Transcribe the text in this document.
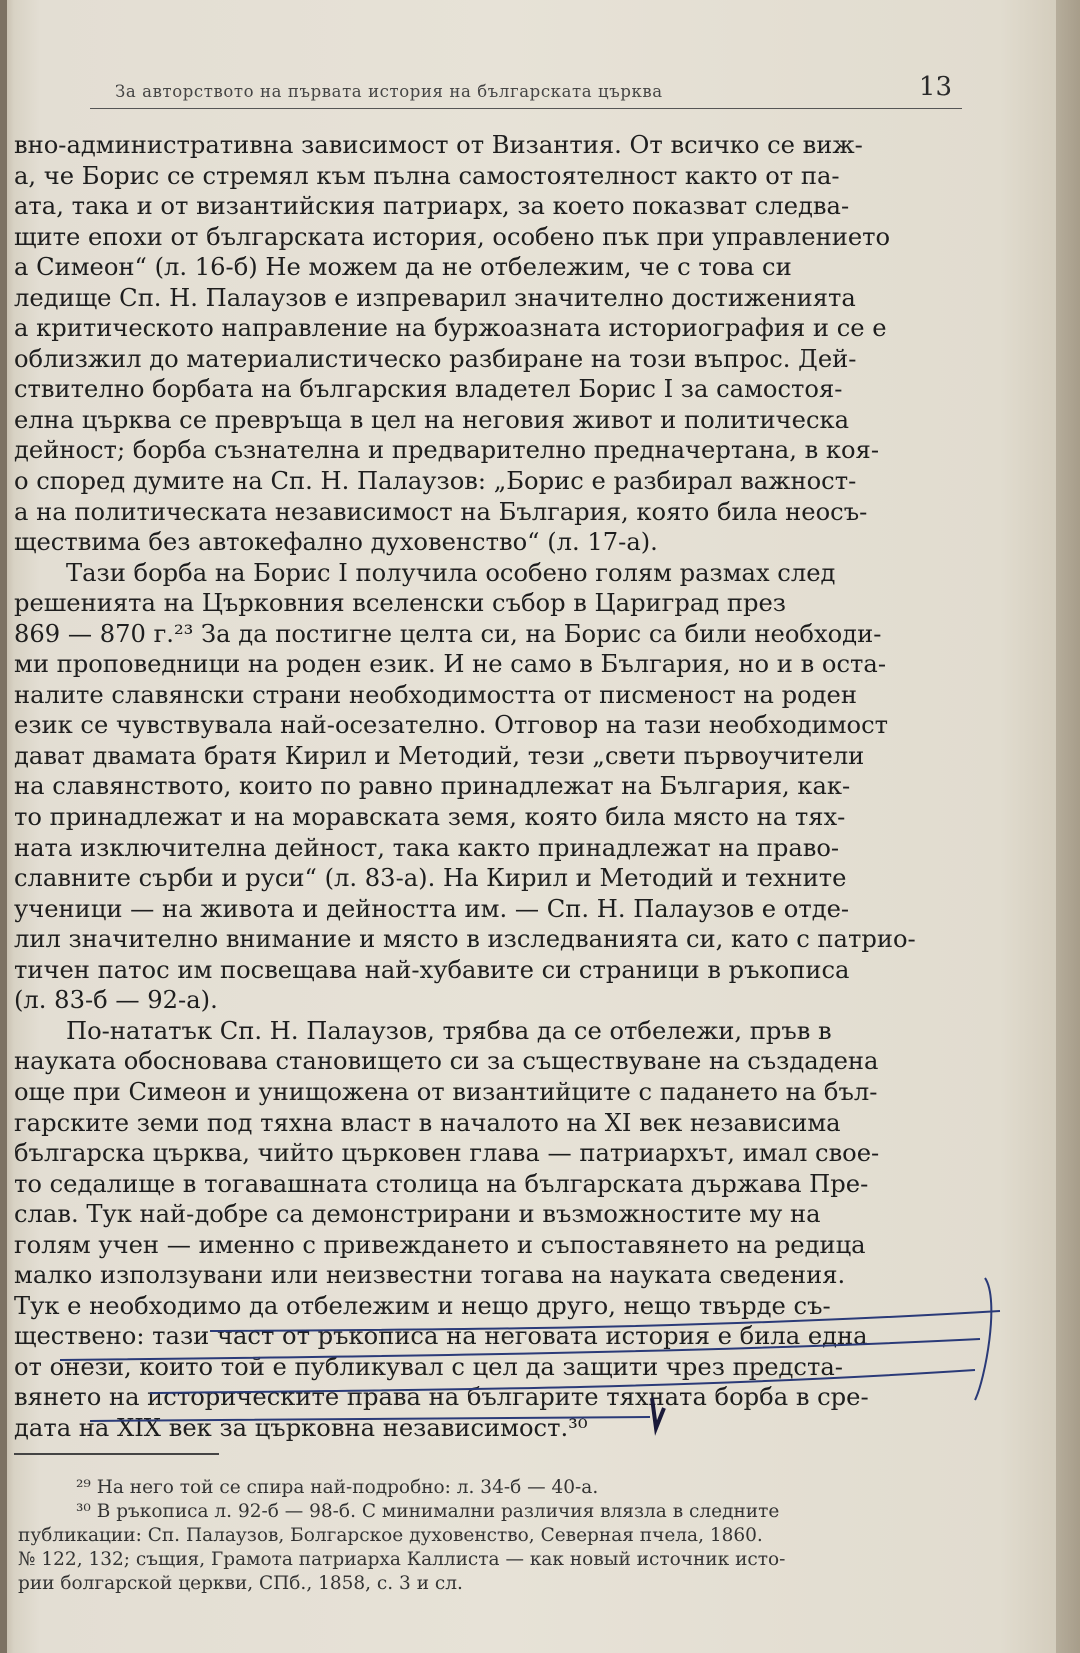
За авторството на първата история на българската църква	13

вно-административна зависимост от Византия. От всичко се виж-
а, че Борис се стремял към пълна самостоятелност както от па-
ата, така и от византийския патриарх, за което показват следва-
щите епохи от българската история, особено пък при управлението
а Симеон“ (л. 16-б) Не можем да не отбележим, че с това си
ледище Сп. Н. Палаузов е изпреварил значително достиженията
а критическото направление на буржоазната историография и се е
облизжил до материалистическо разбиране на този въпрос. Дей-
ствително борбата на българския владетел Борис I за самостоя-
елна църква се превръща в цел на неговия живот и политическа
дейност; борба съзнателна и предварително предначертана, в коя-
о според думите на Сп. Н. Палаузов: „Борис е разбирал важност-
а на политическата независимост на България, която била неосъ-
ществима без автокефално духовенство“ (л. 17-а).

Тази борба на Борис I получила особено голям размах след
решенията на Църковния вселенски събор в Цариград през
869 — 870 г.²³ За да постигне целта си, на Борис са били необходи-
ми проповедници на роден език. И не само в България, но и в оста-
налите славянски страни необходимостта от писменост на роден
език се чувствувала най-осезателно. Отговор на тази необходимост
дават двамата братя Кирил и Методий, тези „свети първоучители
на славянството, които по равно принадлежат на България, как-
то принадлежат и на моравската земя, която била място на тях-
ната изключителна дейност, така както принадлежат на право-
славните сърби и руси“ (л. 83-а). На Кирил и Методий и техните
ученици — на живота и дейността им. — Сп. Н. Палаузов е отде-
лил значително внимание и място в изследванията си, като с патрио-
тичен патос им посвещава най-хубавите си страници в ръкописа
(л. 83-б — 92-а).

По-нататък Сп. Н. Палаузов, трябва да се отбележи, пръв в
науката обосновава становището си за съществуване на създадена
още при Симеон и унищожена от византийците с падането на бъл-
гарските земи под тяхна власт в началото на XI век независима
българска църква, чийто църковен глава — патриархът, имал свое-
то седалище в тогавашната столица на българската държава Пре-
слав. Тук най-добре са демонстрирани и възможностите му на
голям учен — именно с привеждането и съпоставянето на редица
малко използувани или неизвестни тогава на науката сведения.
Тук е необходимо да отбележим и нещо друго, нещо твърде съ-
ществено: тази част от ръкописа на неговата история е била една
от онези, които той е публикувал с цел да защити чрез предста-
вянето на историческите права на българите тяхната борба в сре-
дата на XIX век за църковна независимост.³⁰

²⁹ На него той се спира най-подробно: л. 34-б — 40-а.
³⁰ В ръкописа л. 92-б — 98-б. С минимални различия влязла в следните
публикации: Сп. Палаузов, Болгарское духовенство, Северная пчела, 1860.
№ 122, 132; същия, Грамота патриарха Каллиста — как новый источник исто-
рии болгарской церкви, СПб., 1858, с. 3 и сл.
